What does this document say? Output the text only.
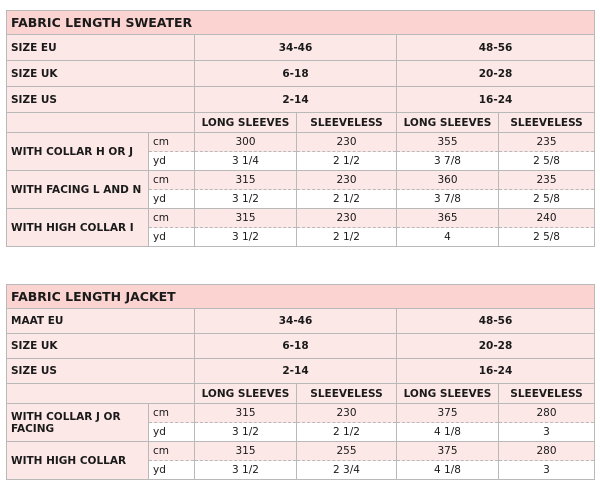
FABRIC LENGTH SWEATER					
SIZE EU		34-46		48-56	
SIZE UK		6-18		20-28	
SIZE US		2-14		16-24	
		LONG SLEEVES	SLEEVELESS	LONG SLEEVES	SLEEVELESS
WITH COLLAR H OR J	cm	300	230	355	235
	yd	3 1/4	2 1/2	3 7/8	2 5/8
WITH FACING L AND N	cm	315	230	360	235
	yd	3 1/2	2 1/2	3 7/8	2 5/8
WITH HIGH COLLAR I	cm	315	230	365	240
	yd	3 1/2	2 1/2	4	2 5/8
FABRIC LENGTH JACKET					
MAAT EU		34-46		48-56	
SIZE UK		6-18		20-28	
SIZE US		2-14		16-24	
		LONG SLEEVES	SLEEVELESS	LONG SLEEVES	SLEEVELESS
WITH COLLAR J OR FACING	cm	315	230	375	280
	yd	3 1/2	2 1/2	4 1/8	3
WITH HIGH COLLAR	cm	315	255	375	280
	yd	3 1/2	2 3/4	4 1/8	3
